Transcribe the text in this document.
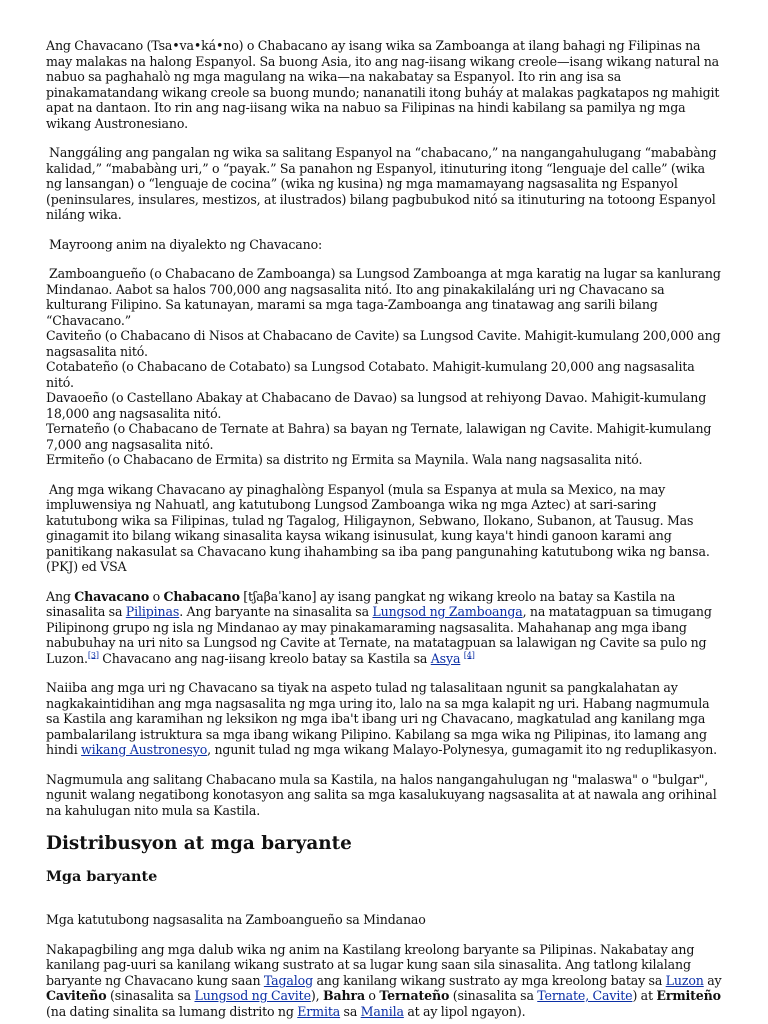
Ang Chavacano (Tsa•va•ká•no) o Chabacano ay isang wika sa Zamboanga at ilang bahagi ng Filipinas na may malakas na halong Espanyol. Sa buong Asia, ito ang nag-iisang wikang creole—isang wikang natural na nabuo sa paghahalò ng mga magulang na wika—na nakabatay sa Espanyol. Ito rin ang isa sa pinakamatandang wikang creole sa buong mundo; nananatili itong buháy at malakas pagkatapos ng mahigit apat na dantaon. Ito rin ang nag-iisang wika na nabuo sa Filipinas na hindi kabilang sa pamilya ng mga wikang Austronesiano.

Nanggáling ang pangalan ng wika sa salitang Espanyol na “chabacano,” na nangangahulugang “mababàng kalidad,” “mababàng uri,” o “payak.” Sa panahon ng Espanyol, itinuturing itong “lenguaje del calle” (wika ng lansangan) o “lenguaje de cocina” (wika ng kusina) ng mga mamamayang nagsasalita ng Espanyol (peninsulares, insulares, mestizos, at ilustrados) bilang pagbubukod nitó sa itinuturing na totoong Espanyol niláng wika.

Mayroong anim na diyalekto ng Chavacano:

Zamboangueño (o Chabacano de Zamboanga) sa Lungsod Zamboanga at mga karatig na lugar sa kanlurang Mindanao. Aabot sa halos 700,000 ang nagsasalita nitó. Ito ang pinakakilaláng uri ng Chavacano sa kulturang Filipino. Sa katunayan, marami sa mga taga-Zamboanga ang tinatawag ang sarili bilang “Chavacano.”

Caviteño (o Chabacano di Nisos at Chabacano de Cavite) sa Lungsod Cavite. Mahigit-kumulang 200,000 ang nagsasalita nitó.

Cotabateño (o Chabacano de Cotabato) sa Lungsod Cotabato. Mahigit-kumulang 20,000 ang nagsasalita nitó.

Davaoeño (o Castellano Abakay at Chabacano de Davao) sa lungsod at rehiyong Davao. Mahigit-kumulang 18,000 ang nagsasalita nitó.

Ternateño (o Chabacano de Ternate at Bahra) sa bayan ng Ternate, lalawigan ng Cavite. Mahigit-kumulang 7,000 ang nagsasalita nitó.

Ermiteño (o Chabacano de Ermita) sa distrito ng Ermita sa Maynila. Wala nang nagsasalita nitó.

Ang mga wikang Chavacano ay pinaghalòng Espanyol (mula sa Espanya at mula sa Mexico, na may impluwensiya ng Nahuatl, ang katutubong Lungsod Zamboanga wika ng mga Aztec) at sari-saring katutubong wika sa Filipinas, tulad ng Tagalog, Hiligaynon, Sebwano, Ilokano, Subanon, at Tausug. Mas ginagamit ito bilang wikang sinasalita kaysa wikang isinusulat, kung kaya't hindi ganoon karami ang panitikang nakasulat sa Chavacano kung ihahambing sa iba pang pangunahing katutubong wika ng bansa. (PKJ) ed VSA

Ang Chavacano o Chabacano [tʃaβaˈkano] ay isang pangkat ng wikang kreolo na batay sa Kastila na sinasalita sa Pilipinas. Ang baryante na sinasalita sa Lungsod ng Zamboanga, na matatagpuan sa timugang Pilipinong grupo ng isla ng Mindanao ay may pinakamaraming nagsasalita. Mahahanap ang mga ibang nabubuhay na uri nito sa Lungsod ng Cavite at Ternate, na matatagpuan sa lalawigan ng Cavite sa pulo ng Luzon.[3] Chavacano ang nag-iisang kreolo batay sa Kastila sa Asya [4]

Naiiba ang mga uri ng Chavacano sa tiyak na aspeto tulad ng talasalitaan ngunit sa pangkalahatan ay nagkakaintidihan ang mga nagsasalita ng mga uring ito, lalo na sa mga kalapit ng uri. Habang nagmumula sa Kastila ang karamihan ng leksikon ng mga iba't ibang uri ng Chavacano, magkatulad ang kanilang mga pambalarilang istruktura sa mga ibang wikang Pilipino. Kabilang sa mga wika ng Pilipinas, ito lamang ang hindi wikang Austronesyo, ngunit tulad ng mga wikang Malayo-Polynesya, gumagamit ito ng reduplikasyon.

Nagmumula ang salitang Chabacano mula sa Kastila, na halos nangangahulugan ng "malaswa" o "bulgar", ngunit walang negatibong konotasyon ang salita sa mga kasalukuyang nagsasalita at at nawala ang orihinal na kahulugan nito mula sa Kastila.

Distribusyon at mga baryante
Mga baryante

Mga katutubong nagsasalita na Zamboangueño sa Mindanao

Nakapagbiling ang mga dalub wika ng anim na Kastilang kreolong baryante sa Pilipinas. Nakabatay ang kanilang pag-uuri sa kanilang wikang sustrato at sa lugar kung saan sila sinasalita. Ang tatlong kilalang baryante ng Chavacano kung saan Tagalog ang kanilang wikang sustrato ay mga kreolong batay sa Luzon ay Caviteño (sinasalita sa Lungsod ng Cavite), Bahra o Ternateño (sinasalita sa Ternate, Cavite) at Ermiteño (na dating sinalita sa lumang distrito ng Ermita sa Manila at ay lipol ngayon).
